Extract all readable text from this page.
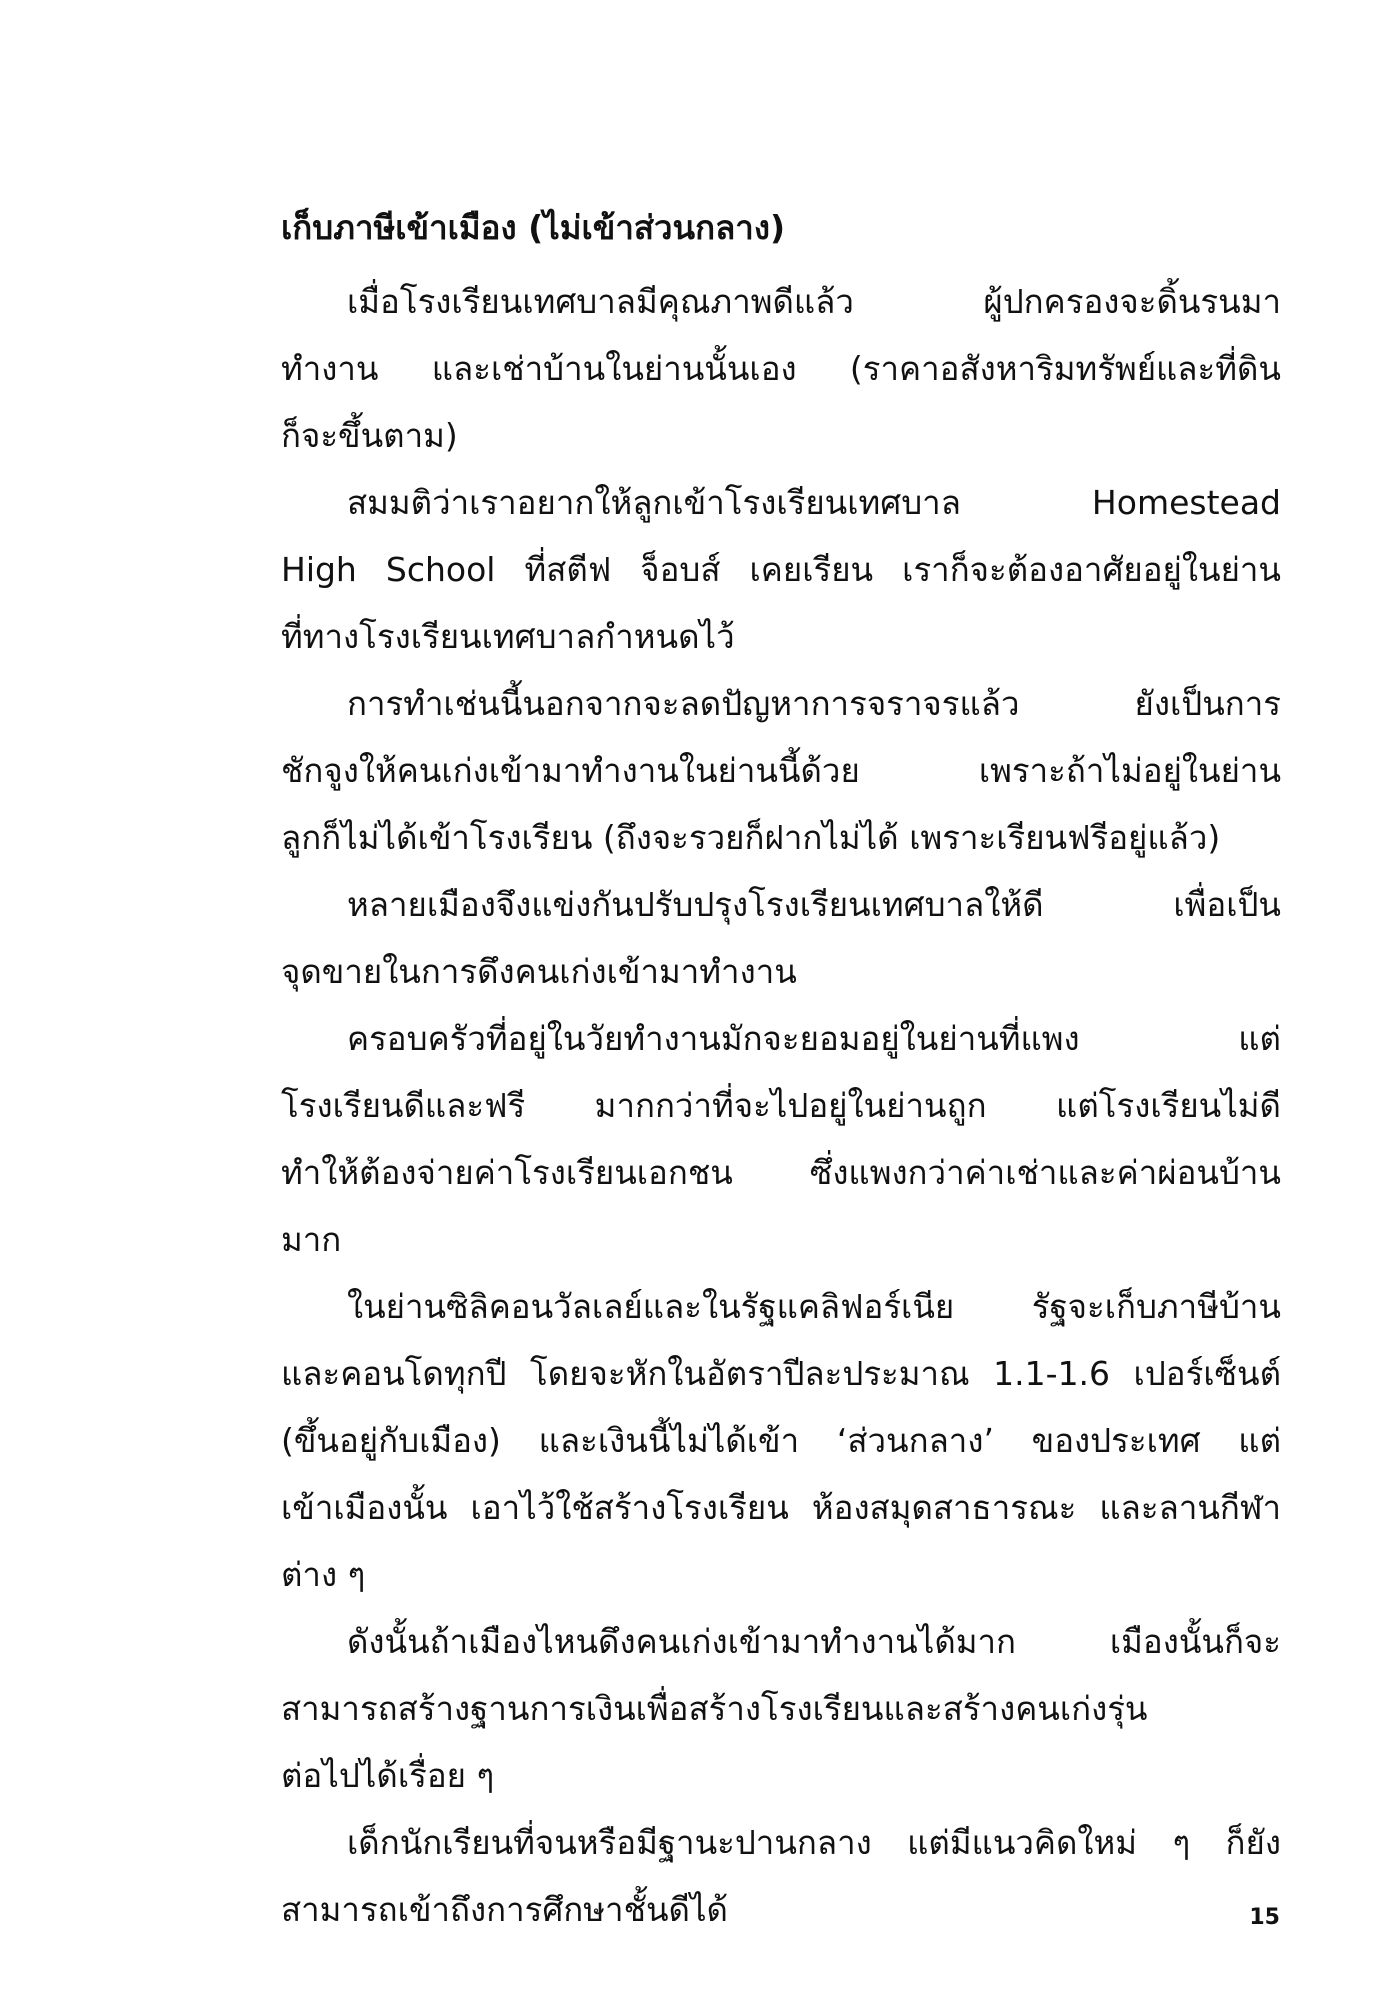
เก็บภาษีเข้าเมือง (ไม่เข้าส่วนกลาง)
เมื่อโรงเรียนเทศบาลมีคุณภาพดีแล้ว ผู้ปกครองจะดิ้นรนมา
ทำงาน และเช่าบ้านในย่านนั้นเอง (ราคาอสังหาริมทรัพย์และที่ดิน
ก็จะขึ้นตาม)
สมมติว่าเราอยากให้ลูกเข้าโรงเรียนเทศบาล Homestead
High School ที่สตีฟ จ็อบส์ เคยเรียน เราก็จะต้องอาศัยอยู่ในย่าน
ที่ทางโรงเรียนเทศบาลกำหนดไว้
การทำเช่นนี้นอกจากจะลดปัญหาการจราจรแล้ว ยังเป็นการ
ชักจูงให้คนเก่งเข้ามาทำงานในย่านนี้ด้วย เพราะถ้าไม่อยู่ในย่าน
ลูกก็ไม่ได้เข้าโรงเรียน (ถึงจะรวยก็ฝากไม่ได้ เพราะเรียนฟรีอยู่แล้ว)
หลายเมืองจึงแข่งกันปรับปรุงโรงเรียนเทศบาลให้ดี เพื่อเป็น
จุดขายในการดึงคนเก่งเข้ามาทำงาน
ครอบครัวที่อยู่ในวัยทำงานมักจะยอมอยู่ในย่านที่แพง แต่
โรงเรียนดีและฟรี มากกว่าที่จะไปอยู่ในย่านถูก แต่โรงเรียนไม่ดี
ทำให้ต้องจ่ายค่าโรงเรียนเอกชน ซึ่งแพงกว่าค่าเช่าและค่าผ่อนบ้าน
มาก
ในย่านซิลิคอนวัลเลย์และในรัฐแคลิฟอร์เนีย รัฐจะเก็บภาษีบ้าน
และคอนโดทุกปี โดยจะหักในอัตราปีละประมาณ 1.1-1.6 เปอร์เซ็นต์
(ขึ้นอยู่กับเมือง) และเงินนี้ไม่ได้เข้า ‘ส่วนกลาง’ ของประเทศ แต่
เข้าเมืองนั้น เอาไว้ใช้สร้างโรงเรียน ห้องสมุดสาธารณะ และลานกีฬา
ต่าง ๆ
ดังนั้นถ้าเมืองไหนดึงคนเก่งเข้ามาทำงานได้มาก เมืองนั้นก็จะ
สามารถสร้างฐานการเงินเพื่อสร้างโรงเรียนและสร้างคนเก่งรุ่น
ต่อไปได้เรื่อย ๆ
เด็กนักเรียนที่จนหรือมีฐานะปานกลาง แต่มีแนวคิดใหม่ ๆ ก็ยัง
สามารถเข้าถึงการศึกษาชั้นดีได้	15
